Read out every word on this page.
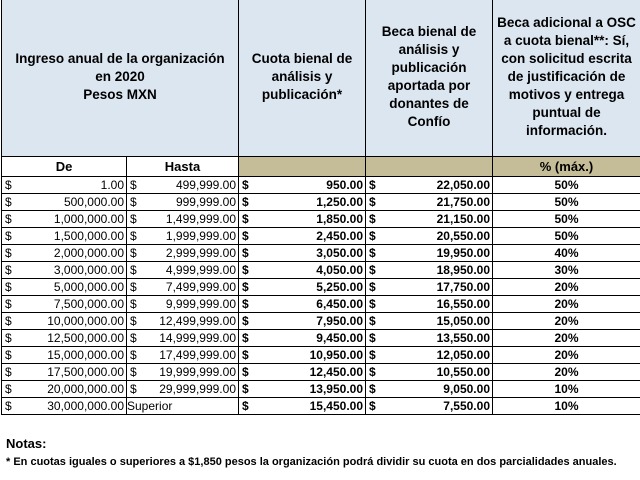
Ingreso anual de la organización en 2020
Pesos MXN		Cuota bienal de análisis y publicación*	Beca bienal de análisis y publicación aportada por donantes de Confío	Beca adicional a OSC a cuota bienal**: Sí, con solicitud escrita de justificación de motivos y entrega puntual de información.
De	Hasta			% (máx.)

$ 1.00	$ 499,999.00	$ 950.00	$ 22,050.00	50%

$ 500,000.00	$ 999,999.00	$ 1,250.00	$ 21,750.00	50%

$ 1,000,000.00	$ 1,499,999.00	$ 1,850.00	$ 21,150.00	50%

$ 1,500,000.00	$ 1,999,999.00	$ 2,450.00	$ 20,550.00	50%

$ 2,000,000.00	$ 2,999,999.00	$ 3,050.00	$ 19,950.00	40%

$ 3,000,000.00	$ 4,999,999.00	$ 4,050.00	$ 18,950.00	30%

$ 5,000,000.00	$ 7,499,999.00	$ 5,250.00	$ 17,750.00	20%

$ 7,500,000.00	$ 9,999,999.00	$ 6,450.00	$ 16,550.00	20%

$ 10,000,000.00	$ 12,499,999.00	$ 7,950.00	$ 15,050.00	20%

$ 12,500,000.00	$ 14,999,999.00	$ 9,450.00	$ 13,550.00	20%

$ 15,000,000.00	$ 17,499,999.00	$ 10,950.00	$ 12,050.00	20%

$ 17,500,000.00	$ 19,999,999.00	$ 12,450.00	$ 10,550.00	20%

$ 20,000,000.00	$ 29,999,999.00	$ 13,950.00	$ 9,050.00	10%

$ 30,000,000.00	Superior	$ 15,450.00	$ 7,550.00	10%
Notas:
* En cuotas iguales o superiores a $1,850 pesos la organización podrá dividir su cuota en dos parcialidades anuales.
